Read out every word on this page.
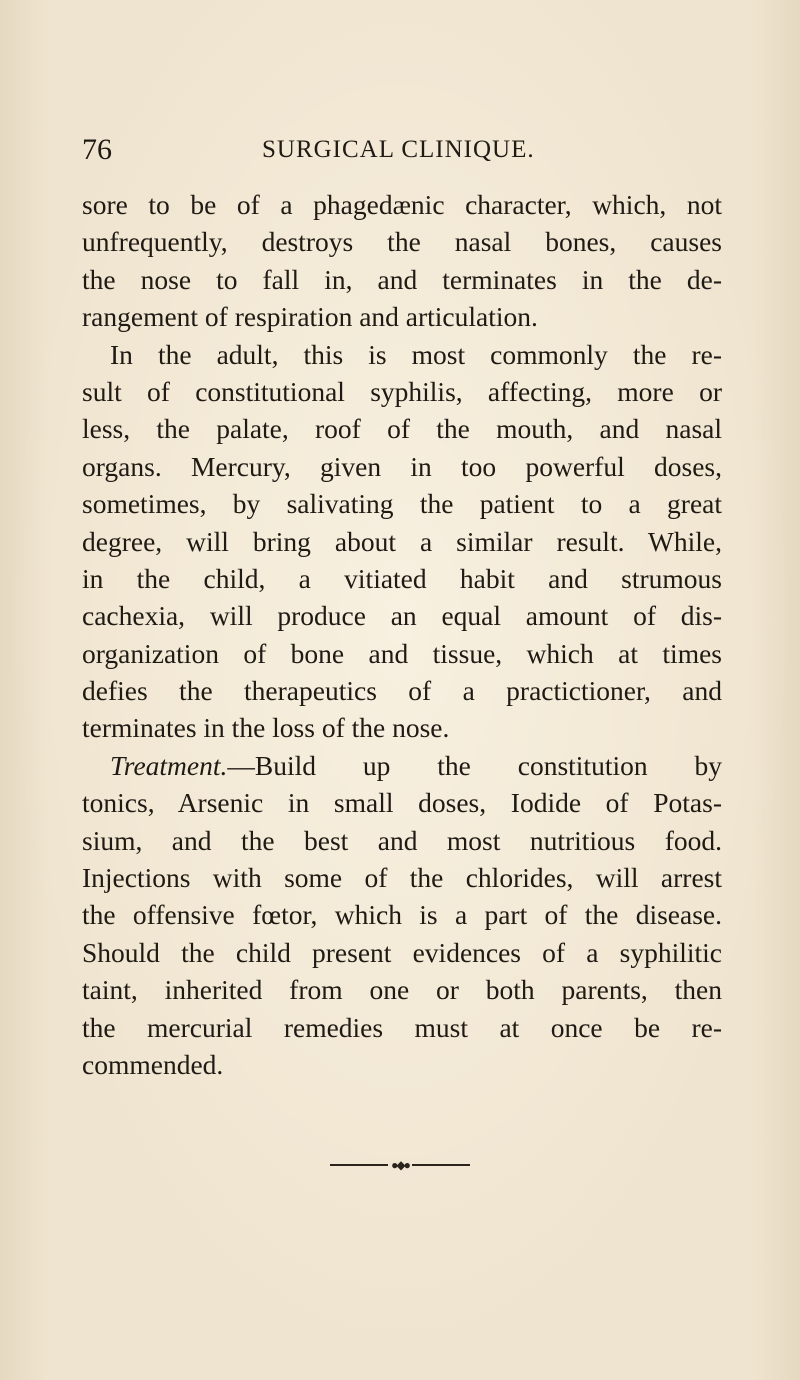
76	SURGICAL CLINIQUE.
sore to be of a phagedænic character, which, not
unfrequently, destroys the nasal bones, causes
the nose to fall in, and terminates in the de-
rangement of respiration and articulation.
In the adult, this is most commonly the re-
sult of constitutional syphilis, affecting, more or
less, the palate, roof of the mouth, and nasal
organs. Mercury, given in too powerful doses,
sometimes, by salivating the patient to a great
degree, will bring about a similar result. While,
in the child, a vitiated habit and strumous
cachexia, will produce an equal amount of dis-
organization of bone and tissue, which at times
defies the therapeutics of a practictioner, and
terminates in the loss of the nose.
Treatment.—Build up the constitution by
tonics, Arsenic in small doses, Iodide of Potas-
sium, and the best and most nutritious food.
Injections with some of the chlorides, will arrest
the offensive fœtor, which is a part of the disease.
Should the child present evidences of a syphilitic
taint, inherited from one or both parents, then
the mercurial remedies must at once be re-
commended.
●◆●
